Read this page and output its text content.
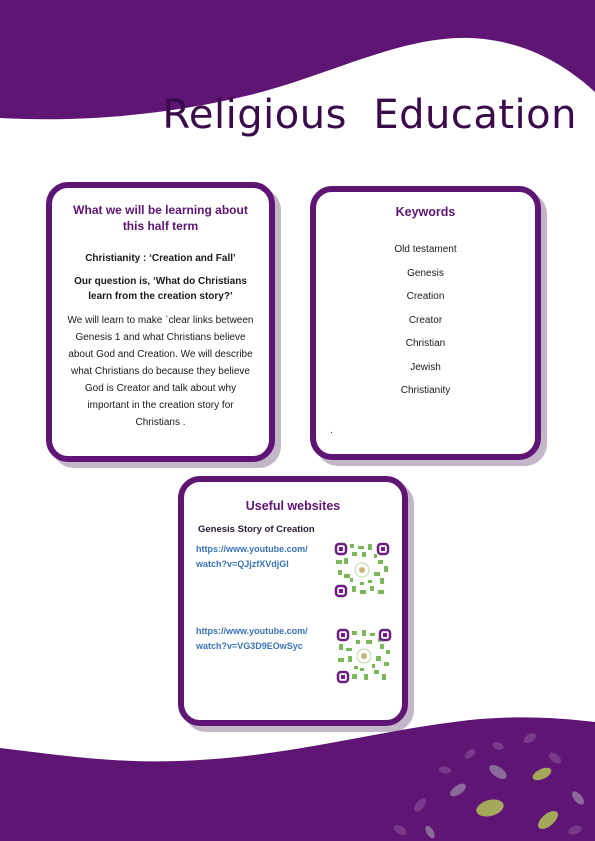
Religious  Education
What we will be learning about this half term

Christianity : ‘Creation and Fall’

Our question is, ‘What do Christians learn from the creation story?’

We will learn to make `clear links between Genesis 1 and what Christians believe about God and Creation. We will describe what Christians do because they believe God is Creator and talk about why important in the creation story for Christians .

Keywords
Old testament
Genesis
Creation
Creator
Christian
Jewish
Christianity
.
Useful websites

Genesis Story of Creation

https://www.youtube.com/
watch?v=QJjzfXVdjGI
https://www.youtube.com/
watch?v=VG3D9EOwSyc
